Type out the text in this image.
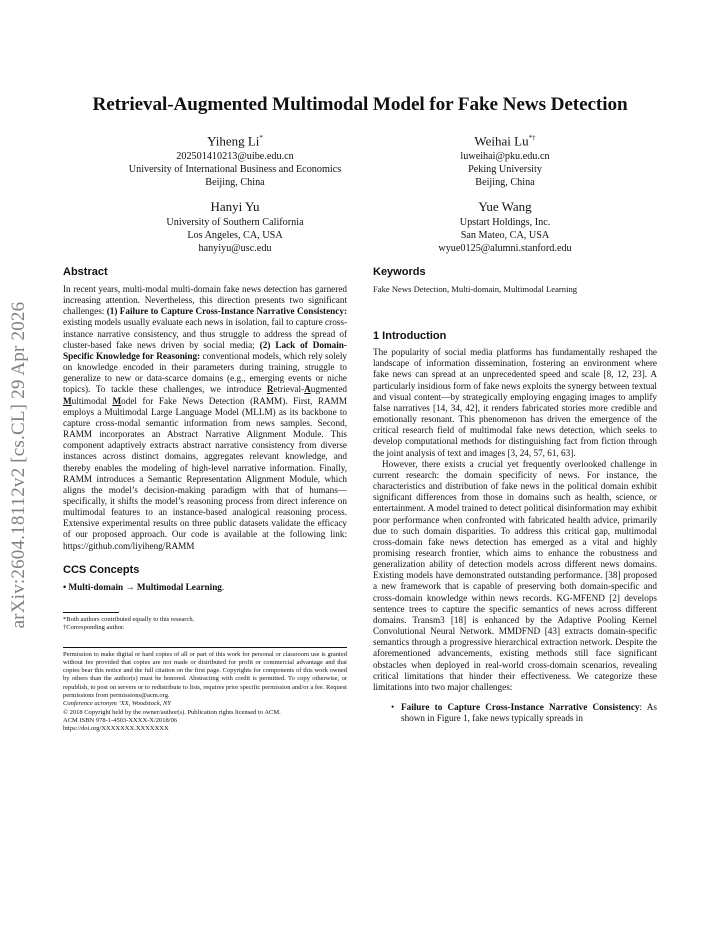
Retrieval-Augmented Multimodal Model for Fake News Detection
Yiheng Li*
202501410213@uibe.edu.cn
University of International Business and Economics
Beijing, China
Weihai Lu*†
luweihai@pku.edu.cn
Peking University
Beijing, China
Hanyi Yu
University of Southern California
Los Angeles, CA, USA
hanyiyu@usc.edu
Yue Wang
Upstart Holdings, Inc.
San Mateo, CA, USA
wyue0125@alumni.stanford.edu
arXiv:2604.18112v2 [cs.CL] 29 Apr 2026
Abstract

In recent years, multi-modal multi-domain fake news detection has garnered increasing attention. Nevertheless, this direction presents two significant challenges: (1) Failure to Capture Cross-Instance Narrative Consistency: existing models usually evaluate each news in isolation, fail to capture cross-instance narrative consistency, and thus struggle to address the spread of cluster-based fake news driven by social media; (2) Lack of Domain-Specific Knowledge for Reasoning: conventional models, which rely solely on knowledge encoded in their parameters during training, struggle to generalize to new or data-scarce domains (e.g., emerging events or niche topics). To tackle these challenges, we introduce Retrieval-Augmented Multimodal Model for Fake News Detection (RAMM). First, RAMM employs a Multimodal Large Language Model (MLLM) as its backbone to capture cross-modal semantic information from news samples. Second, RAMM incorporates an Abstract Narrative Alignment Module. This component adaptively extracts abstract narrative consistency from diverse instances across distinct domains, aggregates relevant knowledge, and thereby enables the modeling of high-level narrative information. Finally, RAMM introduces a Semantic Representation Alignment Module, which aligns the model’s decision-making paradigm with that of humans—specifically, it shifts the model’s reasoning process from direct inference on multimodal features to an instance-based analogical reasoning process. Extensive experimental results on three public datasets validate the efficacy of our proposed approach. Our code is available at the following link: https://github.com/liyiheng/RAMM

CCS Concepts

• Multi-domain → Multimodal Learning.

*Both authors contributed equally to this research.
†Corresponding author.
Permission to make digital or hard copies of all or part of this work for personal or classroom use is granted without fee provided that copies are not made or distributed for profit or commercial advantage and that copies bear this notice and the full citation on the first page. Copyrights for components of this work owned by others than the author(s) must be honored. Abstracting with credit is permitted. To copy otherwise, or republish, to post on servers or to redistribute to lists, requires prior specific permission and/or a fee. Request permissions from permissions@acm.org.
Conference acronym ’XX, Woodstock, NY
© 2018 Copyright held by the owner/author(s). Publication rights licensed to ACM.
ACM ISBN 978-1-4503-XXXX-X/2018/06
https://doi.org/XXXXXXX.XXXXXXX
Keywords

Fake News Detection, Multi-domain, Multimodal Learning

1 Introduction

The popularity of social media platforms has fundamentally reshaped the landscape of information dissemination, fostering an environment where fake news can spread at an unprecedented speed and scale [8, 12, 23]. A particularly insidious form of fake news exploits the synergy between textual and visual content—by strategically employing engaging images to amplify false narratives [14, 34, 42], it renders fabricated stories more credible and emotionally resonant. This phenomenon has driven the emergence of the critical research field of multimodal fake news detection, which seeks to develop computational methods for distinguishing fact from fiction through the joint analysis of text and images [3, 24, 57, 61, 63].

However, there exists a crucial yet frequently overlooked challenge in current research: the domain specificity of news. For instance, the characteristics and distribution of fake news in the political domain exhibit significant differences from those in domains such as health, science, or entertainment. A model trained to detect political disinformation may exhibit poor performance when confronted with fabricated health advice, primarily due to such domain disparities. To address this critical gap, multimodal cross-domain fake news detection has emerged as a vital and highly promising research frontier, which aims to enhance the robustness and generalization ability of detection models across different news domains. Existing models have demonstrated outstanding performance. [38] proposed a new framework that is capable of preserving both domain-specific and cross-domain knowledge within news records. KG-MFEND [2] develops sentence trees to capture the specific semantics of news across different domains. Transm3 [18] is enhanced by the Adaptive Pooling Kernel Convolutional Neural Network. MMDFND [43] extracts domain-specific semantics through a progressive hierarchical extraction network. Despite the aforementioned advancements, existing methods still face significant obstacles when deployed in real-world cross-domain scenarios, revealing critical limitations that hinder their effectiveness. We categorize these limitations into two major challenges:

• Failure to Capture Cross-Instance Narrative Consistency: As shown in Figure 1, fake news typically spreads in
